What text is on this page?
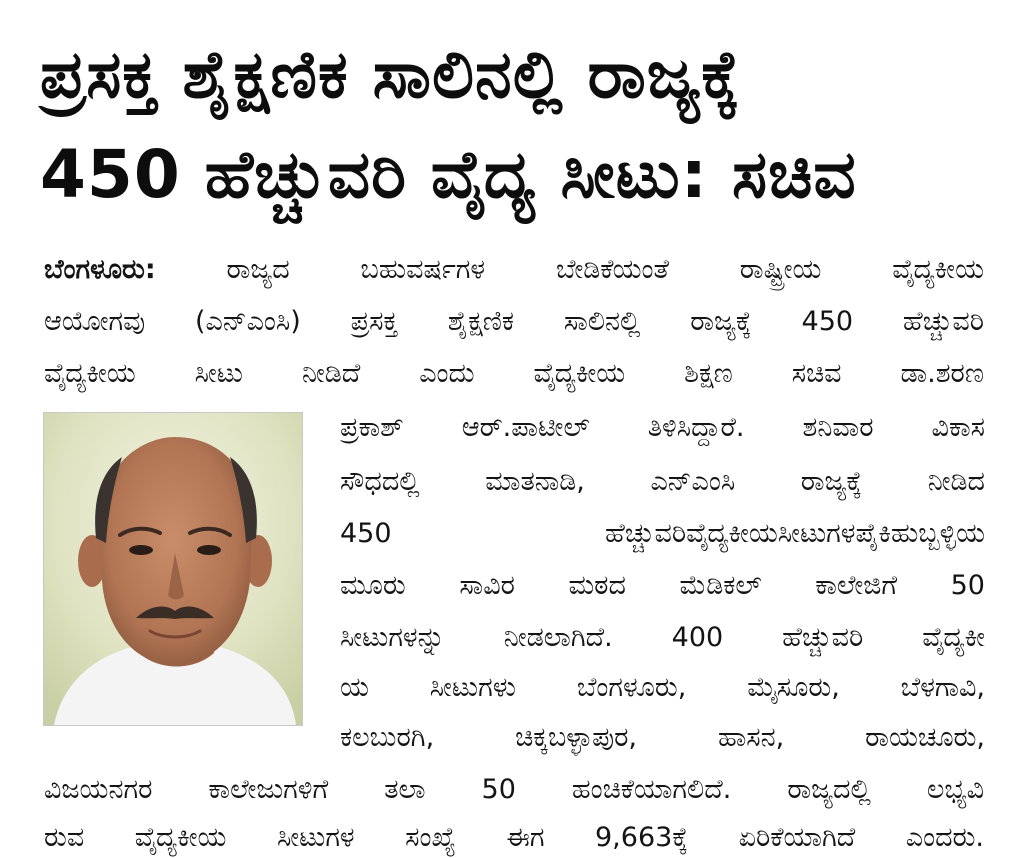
ಪ್ರಸಕ್ತ ಶೈಕ್ಷಣಿಕ ಸಾಲಿನಲ್ಲಿ ರಾಜ್ಯಕ್ಕೆ
450 ಹೆಚ್ಚುವರಿ ವೈದ್ಯ ಸೀಟು: ಸಚಿವ
ಬೆಂಗಳೂರು: ರಾಜ್ಯದ ಬಹುವರ್ಷಗಳ ಬೇಡಿಕೆಯಂತೆ ರಾಷ್ಟ್ರೀಯ ವೈದ್ಯಕೀಯ
ಆಯೋಗವು (ಎನ್‌ಎಂಸಿ) ಪ್ರಸಕ್ತ ಶೈಕ್ಷಣಿಕ ಸಾಲಿನಲ್ಲಿ ರಾಜ್ಯಕ್ಕೆ 450 ಹೆಚ್ಚುವರಿ
ವೈದ್ಯಕೀಯ ಸೀಟು ನೀಡಿದೆ ಎಂದು ವೈದ್ಯಕೀಯ ಶಿಕ್ಷಣ ಸಚಿವ ಡಾ.ಶರಣ
ಪ್ರಕಾಶ್ ಆರ್.ಪಾಟೀಲ್ ತಿಳಿಸಿದ್ದಾರೆ. ಶನಿವಾರ ವಿಕಾಸ
ಸೌಧದಲ್ಲಿ ಮಾತನಾಡಿ, ಎನ್‌ಎಂಸಿ ರಾಜ್ಯಕ್ಕೆ ನೀಡಿದ
450 ಹೆಚ್ಚುವರಿವೈದ್ಯಕೀಯಸೀಟುಗಳಪೈಕಿಹುಬ್ಬಳ್ಳಿಯ
ಮೂರು ಸಾವಿರ ಮಠದ ಮೆಡಿಕಲ್ ಕಾಲೇಜಿಗೆ 50
ಸೀಟುಗಳನ್ನು ನೀಡಲಾಗಿದೆ. 400 ಹೆಚ್ಚುವರಿ ವೈದ್ಯಕೀ
ಯ ಸೀಟುಗಳು ಬೆಂಗಳೂರು, ಮೈಸೂರು, ಬೆಳಗಾವಿ,
ಕಲಬುರಗಿ, ಚಿಕ್ಕಬಳ್ಳಾಪುರ, ಹಾಸನ, ರಾಯಚೂರು,
ವಿಜಯನಗರ ಕಾಲೇಜುಗಳಿಗೆ ತಲಾ 50 ಹಂಚಿಕೆಯಾಗಲಿದೆ. ರಾಜ್ಯದಲ್ಲಿ ಲಭ್ಯವಿ
ರುವ ವೈದ್ಯಕೀಯ ಸೀಟುಗಳ ಸಂಖ್ಯೆ ಈಗ 9,663ಕ್ಕೆ ಏರಿಕೆಯಾಗಿದೆ ಎಂದರು.
